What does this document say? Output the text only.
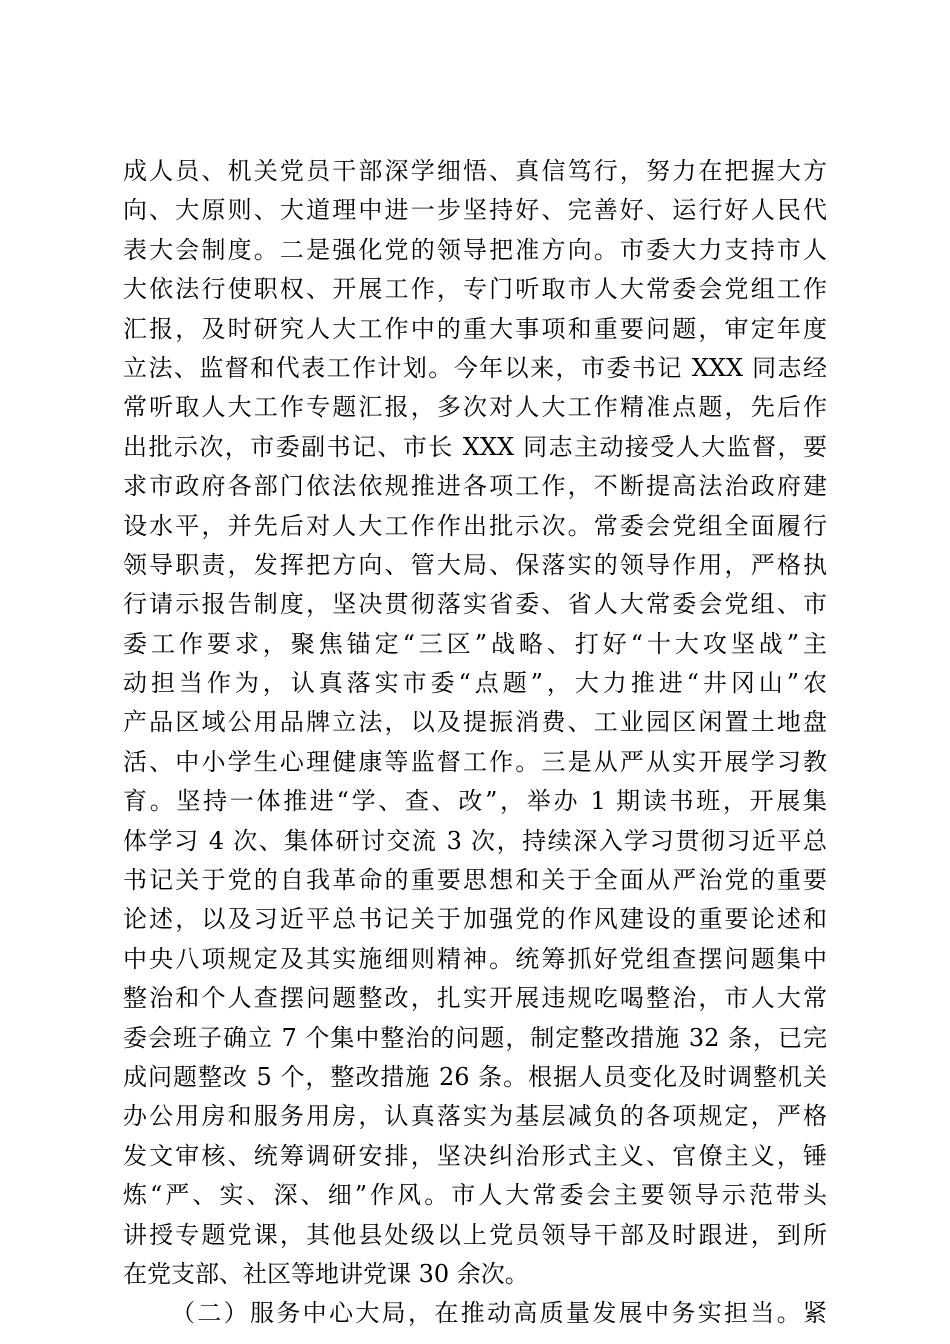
成人员、机关党员干部深学细悟、真信笃行，努力在把握大方
向、大原则、大道理中进一步坚持好、完善好、运行好人民代
表大会制度。二是强化党的领导把准方向。市委大力支持市人
大依法行使职权、开展工作，专门听取市人大常委会党组工作
汇报，及时研究人大工作中的重大事项和重要问题，审定年度
立法、监督和代表工作计划。今年以来，市委书记 XXX 同志经
常听取人大工作专题汇报，多次对人大工作精准点题，先后作
出批示次，市委副书记、市长 XXX 同志主动接受人大监督，要
求市政府各部门依法依规推进各项工作，不断提高法治政府建
设水平，并先后对人大工作作出批示次。常委会党组全面履行
领导职责，发挥把方向、管大局、保落实的领导作用，严格执
行请示报告制度，坚决贯彻落实省委、省人大常委会党组、市
委工作要求，聚焦锚定“三区”战略、打好“十大攻坚战”主
动担当作为，认真落实市委“点题”，大力推进“井冈山”农
产品区域公用品牌立法，以及提振消费、工业园区闲置土地盘
活、中小学生心理健康等监督工作。三是从严从实开展学习教
育。坚持一体推进“学、查、改”，举办 1 期读书班，开展集
体学习 4 次、集体研讨交流 3 次，持续深入学习贯彻习近平总
书记关于党的自我革命的重要思想和关于全面从严治党的重要
论述，以及习近平总书记关于加强党的作风建设的重要论述和
中央八项规定及其实施细则精神。统筹抓好党组查摆问题集中
整治和个人查摆问题整改，扎实开展违规吃喝整治，市人大常
委会班子确立 7 个集中整治的问题，制定整改措施 32 条，已完
成问题整改 5 个，整改措施 26 条。根据人员变化及时调整机关
办公用房和服务用房，认真落实为基层减负的各项规定，严格
发文审核、统筹调研安排，坚决纠治形式主义、官僚主义，锤
炼“严、实、深、细”作风。市人大常委会主要领导示范带头
讲授专题党课，其他县处级以上党员领导干部及时跟进，到所
在党支部、社区等地讲党课 30 余次。
（二）服务中心大局，在推动高质量发展中务实担当。紧
